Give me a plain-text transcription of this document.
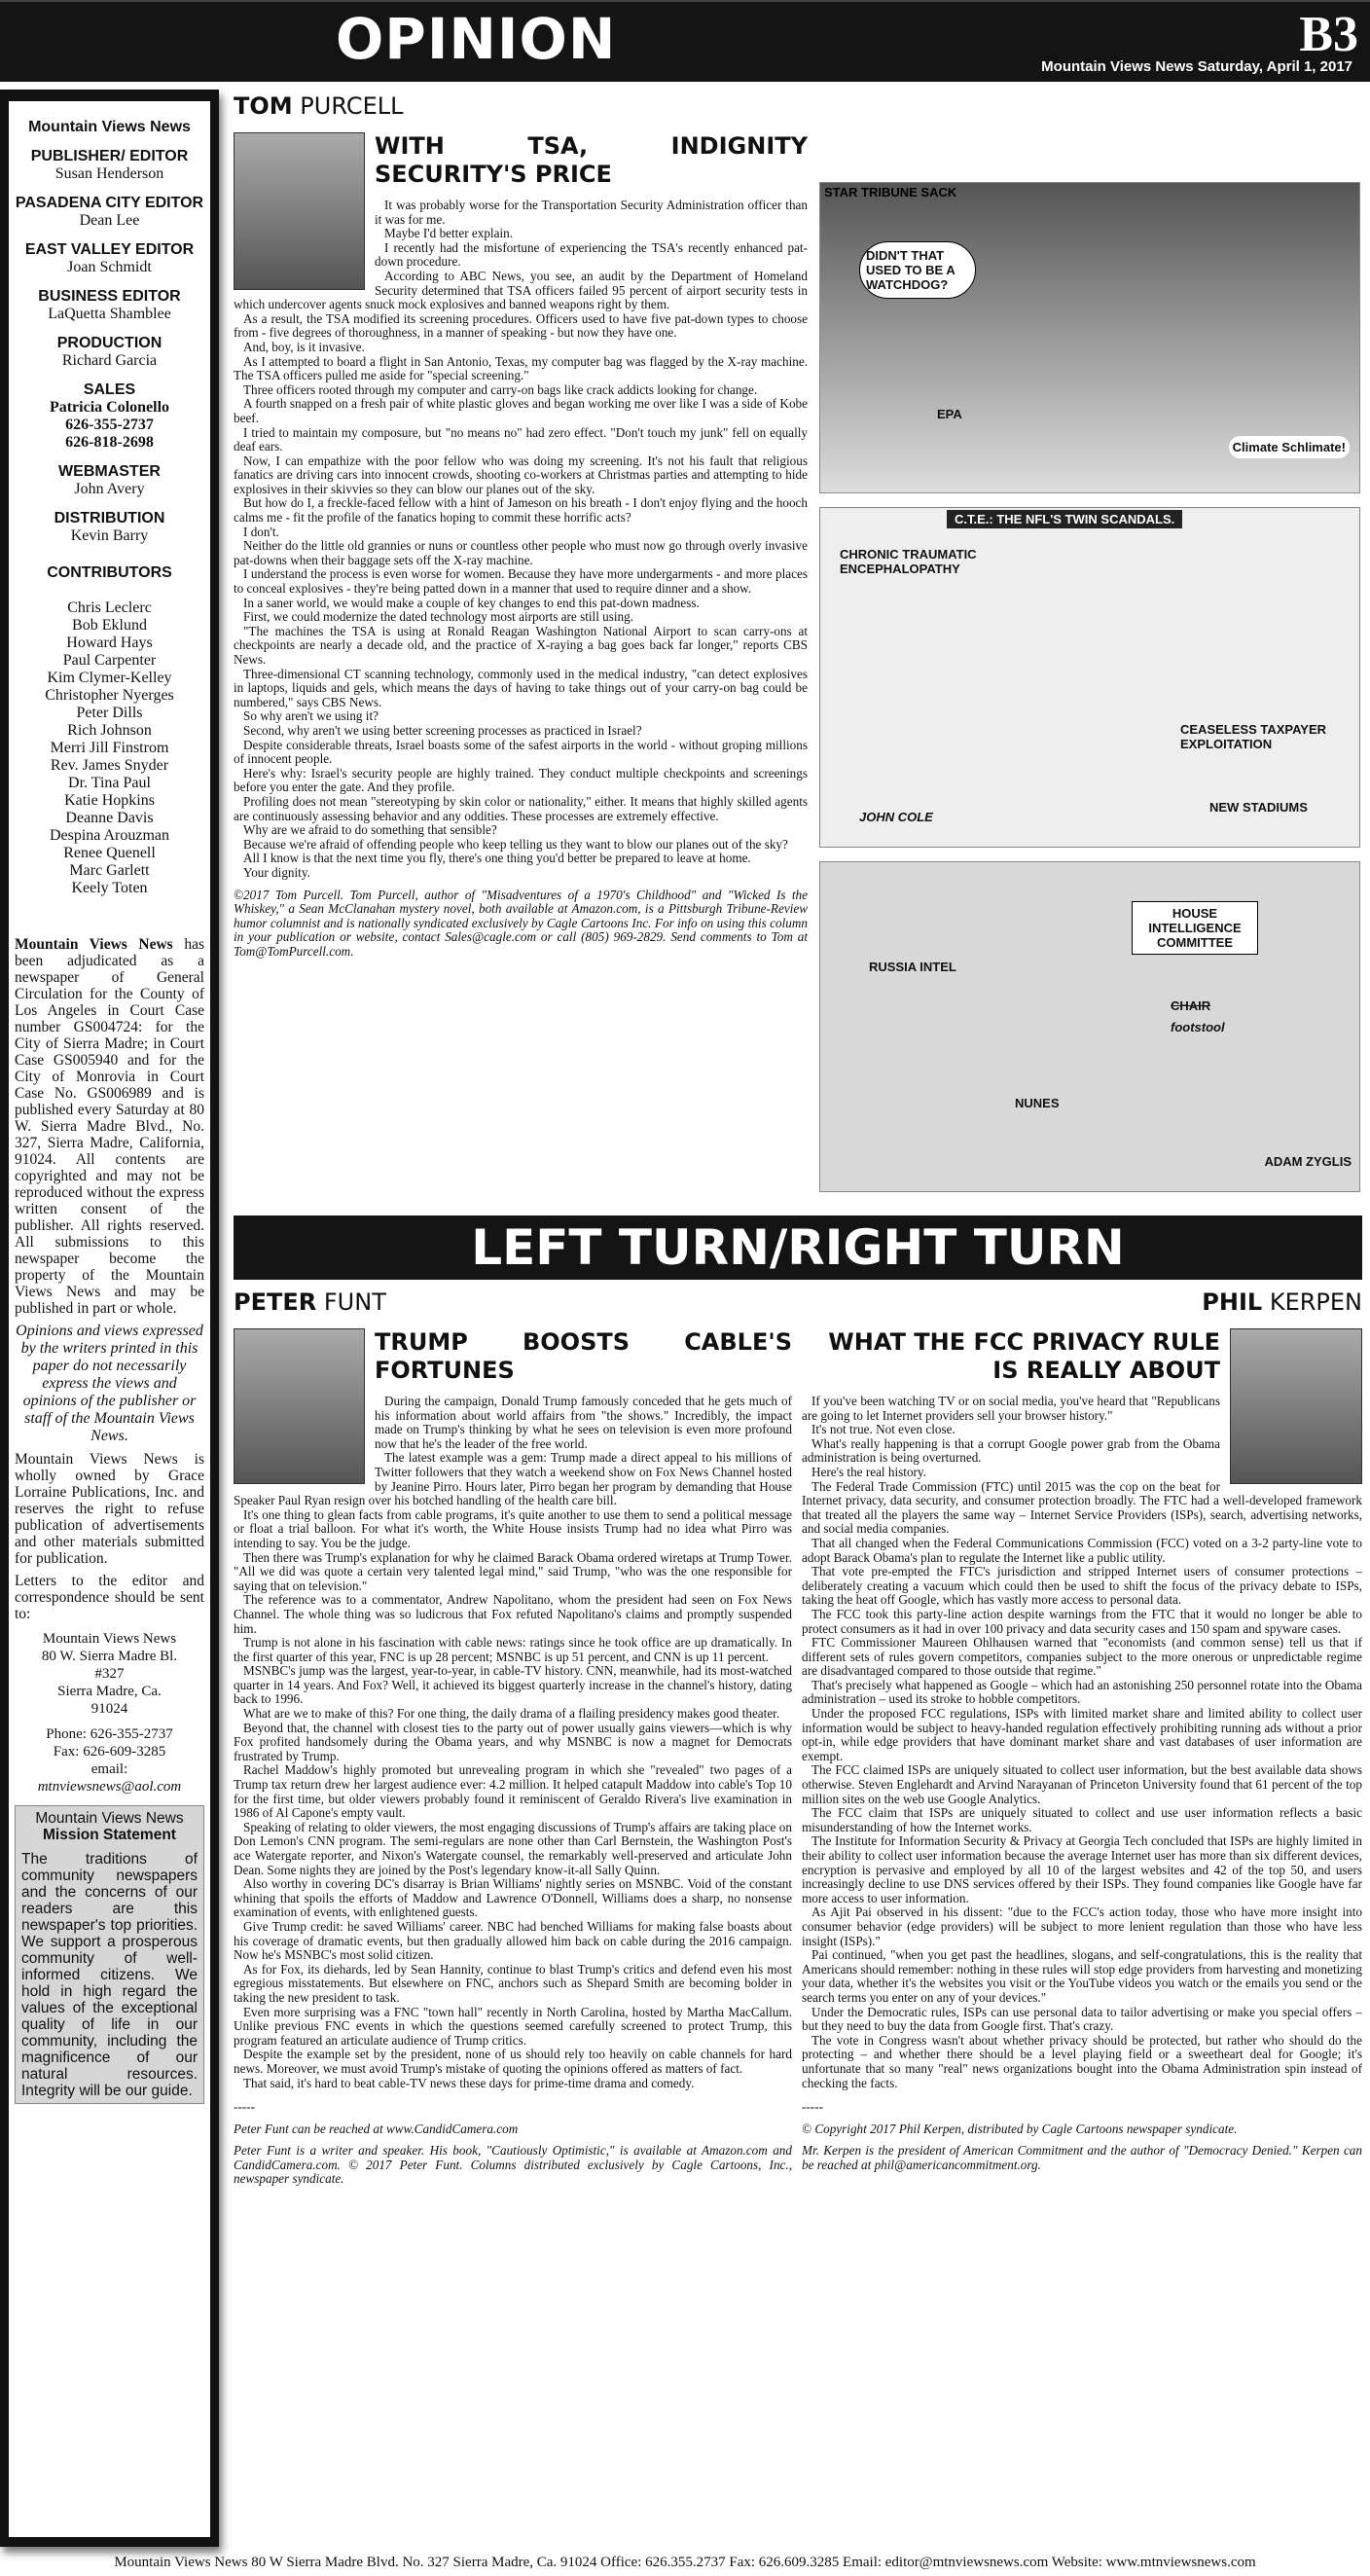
OPINION	B3
Mountain Views News Saturday, April 1, 2017
Mountain Views News
PUBLISHER/ EDITOR
Susan Henderson
PASADENA CITY EDITOR
Dean Lee
EAST VALLEY EDITOR
Joan Schmidt
BUSINESS EDITOR
LaQuetta Shamblee
PRODUCTION
Richard Garcia
SALES
Patricia Colonello
626-355-2737
626-818-2698
WEBMASTER
John Avery
DISTRIBUTION
Kevin Barry
CONTRIBUTORS
Chris Leclerc
Bob Eklund
Howard Hays
Paul Carpenter
Kim Clymer-Kelley
Christopher Nyerges
Peter Dills
Rich Johnson
Merri Jill Finstrom
Rev. James Snyder
Dr. Tina Paul
Katie Hopkins
Deanne Davis
Despina Arouzman
Renee Quenell
Marc Garlett
Keely Toten
Mountain Views News has been adjudicated as a newspaper of General Circulation for the County of Los Angeles in Court Case number GS004724: for the City of Sierra Madre; in Court Case GS005940 and for the City of Monrovia in Court Case No. GS006989 and is published every Saturday at 80 W. Sierra Madre Blvd., No. 327, Sierra Madre, California, 91024. All contents are copyrighted and may not be reproduced without the express written consent of the publisher. All rights reserved. All submissions to this newspaper become the property of the Mountain Views News and may be published in part or whole.
Opinions and views expressed by the writers printed in this paper do not necessarily express the views and opinions of the publisher or staff of the Mountain Views News.
Mountain Views News is wholly owned by Grace Lorraine Publications, Inc. and reserves the right to refuse publication of advertisements and other materials submitted for publication.
Letters to the editor and correspondence should be sent to:
Mountain Views News
80 W. Sierra Madre Bl.
#327
Sierra Madre, Ca.
91024
Phone: 626-355-2737
Fax: 626-609-3285
email:
mtnviewsnews@aol.com
Mountain Views News
Mission Statement
The traditions of community newspapers and the concerns of our readers are this newspaper's top priorities. We support a prosperous community of well-informed citizens. We hold in high regard the values of the exceptional quality of life in our community, including the magnificence of our natural resources. Integrity will be our guide.
TOM PURCELL
WITH TSA, INDIGNITY SECURITY'S PRICE

It was probably worse for the Transportation Security Administration officer than it was for me.

Maybe I'd better explain.

I recently had the misfortune of experiencing the TSA's recently enhanced pat-down procedure.

According to ABC News, you see, an audit by the Department of Homeland Security determined that TSA officers failed 95 percent of airport security tests in which undercover agents snuck mock explosives and banned weapons right by them.

As a result, the TSA modified its screening procedures. Officers used to have five pat-down types to choose from - five degrees of thoroughness, in a manner of speaking - but now they have one.

And, boy, is it invasive.

As I attempted to board a flight in San Antonio, Texas, my computer bag was flagged by the X-ray machine. The TSA officers pulled me aside for "special screening."

Three officers rooted through my computer and carry-on bags like crack addicts looking for change.

A fourth snapped on a fresh pair of white plastic gloves and began working me over like I was a side of Kobe beef.

I tried to maintain my composure, but "no means no" had zero effect. "Don't touch my junk" fell on equally deaf ears.

Now, I can empathize with the poor fellow who was doing my screening. It's not his fault that religious fanatics are driving cars into innocent crowds, shooting co-workers at Christmas parties and attempting to hide explosives in their skivvies so they can blow our planes out of the sky.

But how do I, a freckle-faced fellow with a hint of Jameson on his breath - I don't enjoy flying and the hooch calms me - fit the profile of the fanatics hoping to commit these horrific acts?

I don't.

Neither do the little old grannies or nuns or countless other people who must now go through overly invasive pat-downs when their baggage sets off the X-ray machine.

I understand the process is even worse for women. Because they have more undergarments - and more places to conceal explosives - they're being patted down in a manner that used to require dinner and a show.

In a saner world, we would make a couple of key changes to end this pat-down madness.

First, we could modernize the dated technology most airports are still using.

"The machines the TSA is using at Ronald Reagan Washington National Airport to scan carry-ons at checkpoints are nearly a decade old, and the practice of X-raying a bag goes back far longer," reports CBS News.

Three-dimensional CT scanning technology, commonly used in the medical industry, "can detect explosives in laptops, liquids and gels, which means the days of having to take things out of your carry-on bag could be numbered," says CBS News.

So why aren't we using it?

Second, why aren't we using better screening processes as practiced in Israel?

Despite considerable threats, Israel boasts some of the safest airports in the world - without groping millions of innocent people.

Here's why: Israel's security people are highly trained. They conduct multiple checkpoints and screenings before you enter the gate. And they profile.

Profiling does not mean "stereotyping by skin color or nationality," either. It means that highly skilled agents are continuously assessing behavior and any oddities. These processes are extremely effective.

Why are we afraid to do something that sensible?

Because we're afraid of offending people who keep telling us they want to blow our planes out of the sky?

All I know is that the next time you fly, there's one thing you'd better be prepared to leave at home.

Your dignity.

©2017 Tom Purcell. Tom Purcell, author of "Misadventures of a 1970's Childhood" and "Wicked Is the Whiskey," a Sean McClanahan mystery novel, both available at Amazon.com, is a Pittsburgh Tribune-Review humor columnist and is nationally syndicated exclusively by Cagle Cartoons Inc. For info on using this column in your publication or website, contact Sales@cagle.com or call (805) 969-2829. Send comments to Tom at Tom@TomPurcell.com.
STAR TRIBUNE SACK
DIDN'T THAT USED TO BE A WATCHDOG?
EPA
Climate Schlimate!
C.T.E.: THE NFL'S TWIN SCANDALS.
CHRONIC TRAUMATIC ENCEPHALOPATHY
CEASELESS TAXPAYER EXPLOITATION
NEW STADIUMS
JOHN COLE
HOUSE INTELLIGENCE COMMITTEE
CHAIR
footstool
RUSSIA INTEL
NUNES
ADAM ZYGLIS
LEFT TURN/RIGHT TURN
PETER FUNT
TRUMP BOOSTS CABLE'S FORTUNES

During the campaign, Donald Trump famously conceded that he gets much of his information about world affairs from "the shows." Incredibly, the impact made on Trump's thinking by what he sees on television is even more profound now that he's the leader of the free world.

The latest example was a gem: Trump made a direct appeal to his millions of Twitter followers that they watch a weekend show on Fox News Channel hosted by Jeanine Pirro. Hours later, Pirro began her program by demanding that House Speaker Paul Ryan resign over his botched handling of the health care bill.

It's one thing to glean facts from cable programs, it's quite another to use them to send a political message or float a trial balloon. For what it's worth, the White House insists Trump had no idea what Pirro was intending to say. You be the judge.

Then there was Trump's explanation for why he claimed Barack Obama ordered wiretaps at Trump Tower. "All we did was quote a certain very talented legal mind," said Trump, "who was the one responsible for saying that on television."

The reference was to a commentator, Andrew Napolitano, whom the president had seen on Fox News Channel. The whole thing was so ludicrous that Fox refuted Napolitano's claims and promptly suspended him.

Trump is not alone in his fascination with cable news: ratings since he took office are up dramatically. In the first quarter of this year, FNC is up 28 percent; MSNBC is up 51 percent, and CNN is up 11 percent.

MSNBC's jump was the largest, year-to-year, in cable-TV history. CNN, meanwhile, had its most-watched quarter in 14 years. And Fox? Well, it achieved its biggest quarterly increase in the channel's history, dating back to 1996.

What are we to make of this? For one thing, the daily drama of a flailing presidency makes good theater.

Beyond that, the channel with closest ties to the party out of power usually gains viewers—which is why Fox profited handsomely during the Obama years, and why MSNBC is now a magnet for Democrats frustrated by Trump.

Rachel Maddow's highly promoted but unrevealing program in which she "revealed" two pages of a Trump tax return drew her largest audience ever: 4.2 million. It helped catapult Maddow into cable's Top 10 for the first time, but older viewers probably found it reminiscent of Geraldo Rivera's live examination in 1986 of Al Capone's empty vault.

Speaking of relating to older viewers, the most engaging discussions of Trump's affairs are taking place on Don Lemon's CNN program. The semi-regulars are none other than Carl Bernstein, the Washington Post's ace Watergate reporter, and Nixon's Watergate counsel, the remarkably well-preserved and articulate John Dean. Some nights they are joined by the Post's legendary know-it-all Sally Quinn.

Also worthy in covering DC's disarray is Brian Williams' nightly series on MSNBC. Void of the constant whining that spoils the efforts of Maddow and Lawrence O'Donnell, Williams does a sharp, no nonsense examination of events, with enlightened guests.

Give Trump credit: he saved Williams' career. NBC had benched Williams for making false boasts about his coverage of dramatic events, but then gradually allowed him back on cable during the 2016 campaign. Now he's MSNBC's most solid citizen.

As for Fox, its diehards, led by Sean Hannity, continue to blast Trump's critics and defend even his most egregious misstatements. But elsewhere on FNC, anchors such as Shepard Smith are becoming bolder in taking the new president to task.

Even more surprising was a FNC "town hall" recently in North Carolina, hosted by Martha MacCallum. Unlike previous FNC events in which the questions seemed carefully screened to protect Trump, this program featured an articulate audience of Trump critics.

Despite the example set by the president, none of us should rely too heavily on cable channels for hard news. Moreover, we must avoid Trump's mistake of quoting the opinions offered as matters of fact.

That said, it's hard to beat cable-TV news these days for prime-time drama and comedy.

-----
Peter Funt can be reached at www.CandidCamera.com
Peter Funt is a writer and speaker. His book, "Cautiously Optimistic," is available at Amazon.com and CandidCamera.com. © 2017 Peter Funt. Columns distributed exclusively by Cagle Cartoons, Inc., newspaper syndicate.
PHIL KERPEN
WHAT THE FCC PRIVACY RULE IS REALLY ABOUT

If you've been watching TV or on social media, you've heard that "Republicans are going to let Internet providers sell your browser history."

It's not true. Not even close.

What's really happening is that a corrupt Google power grab from the Obama administration is being overturned.

Here's the real history.

The Federal Trade Commission (FTC) until 2015 was the cop on the beat for Internet privacy, data security, and consumer protection broadly. The FTC had a well-developed framework that treated all the players the same way – Internet Service Providers (ISPs), search, advertising networks, and social media companies.

That all changed when the Federal Communications Commission (FCC) voted on a 3-2 party-line vote to adopt Barack Obama's plan to regulate the Internet like a public utility.

That vote pre-empted the FTC's jurisdiction and stripped Internet users of consumer protections – deliberately creating a vacuum which could then be used to shift the focus of the privacy debate to ISPs, taking the heat off Google, which has vastly more access to personal data.

The FCC took this party-line action despite warnings from the FTC that it would no longer be able to protect consumers as it had in over 100 privacy and data security cases and 150 spam and spyware cases.

FTC Commissioner Maureen Ohlhausen warned that "economists (and common sense) tell us that if different sets of rules govern competitors, companies subject to the more onerous or unpredictable regime are disadvantaged compared to those outside that regime."

That's precisely what happened as Google – which had an astonishing 250 personnel rotate into the Obama administration – used its stroke to hobble competitors.

Under the proposed FCC regulations, ISPs with limited market share and limited ability to collect user information would be subject to heavy-handed regulation effectively prohibiting running ads without a prior opt-in, while edge providers that have dominant market share and vast databases of user information are exempt.

The FCC claimed ISPs are uniquely situated to collect user information, but the best available data shows otherwise. Steven Englehardt and Arvind Narayanan of Princeton University found that 61 percent of the top million sites on the web use Google Analytics.

The FCC claim that ISPs are uniquely situated to collect and use user information reflects a basic misunderstanding of how the Internet works.

The Institute for Information Security & Privacy at Georgia Tech concluded that ISPs are highly limited in their ability to collect user information because the average Internet user has more than six different devices, encryption is pervasive and employed by all 10 of the largest websites and 42 of the top 50, and users increasingly decline to use DNS services offered by their ISPs. They found companies like Google have far more access to user information.

As Ajit Pai observed in his dissent: "due to the FCC's action today, those who have more insight into consumer behavior (edge providers) will be subject to more lenient regulation than those who have less insight (ISPs)."

Pai continued, "when you get past the headlines, slogans, and self-congratulations, this is the reality that Americans should remember: nothing in these rules will stop edge providers from harvesting and monetizing your data, whether it's the websites you visit or the YouTube videos you watch or the emails you send or the search terms you enter on any of your devices."

Under the Democratic rules, ISPs can use personal data to tailor advertising or make you special offers – but they need to buy the data from Google first. That's crazy.

The vote in Congress wasn't about whether privacy should be protected, but rather who should do the protecting – and whether there should be a level playing field or a sweetheart deal for Google; it's unfortunate that so many "real" news organizations bought into the Obama Administration spin instead of checking the facts.

-----
© Copyright 2017 Phil Kerpen, distributed by Cagle Cartoons newspaper syndicate.
Mr. Kerpen is the president of American Commitment and the author of "Democracy Denied." Kerpen can be reached at phil@americancommitment.org.
Mountain Views News 80 W Sierra Madre Blvd. No. 327 Sierra Madre, Ca. 91024 Office: 626.355.2737 Fax: 626.609.3285 Email: editor@mtnviewsnews.com Website: www.mtnviewsnews.com
